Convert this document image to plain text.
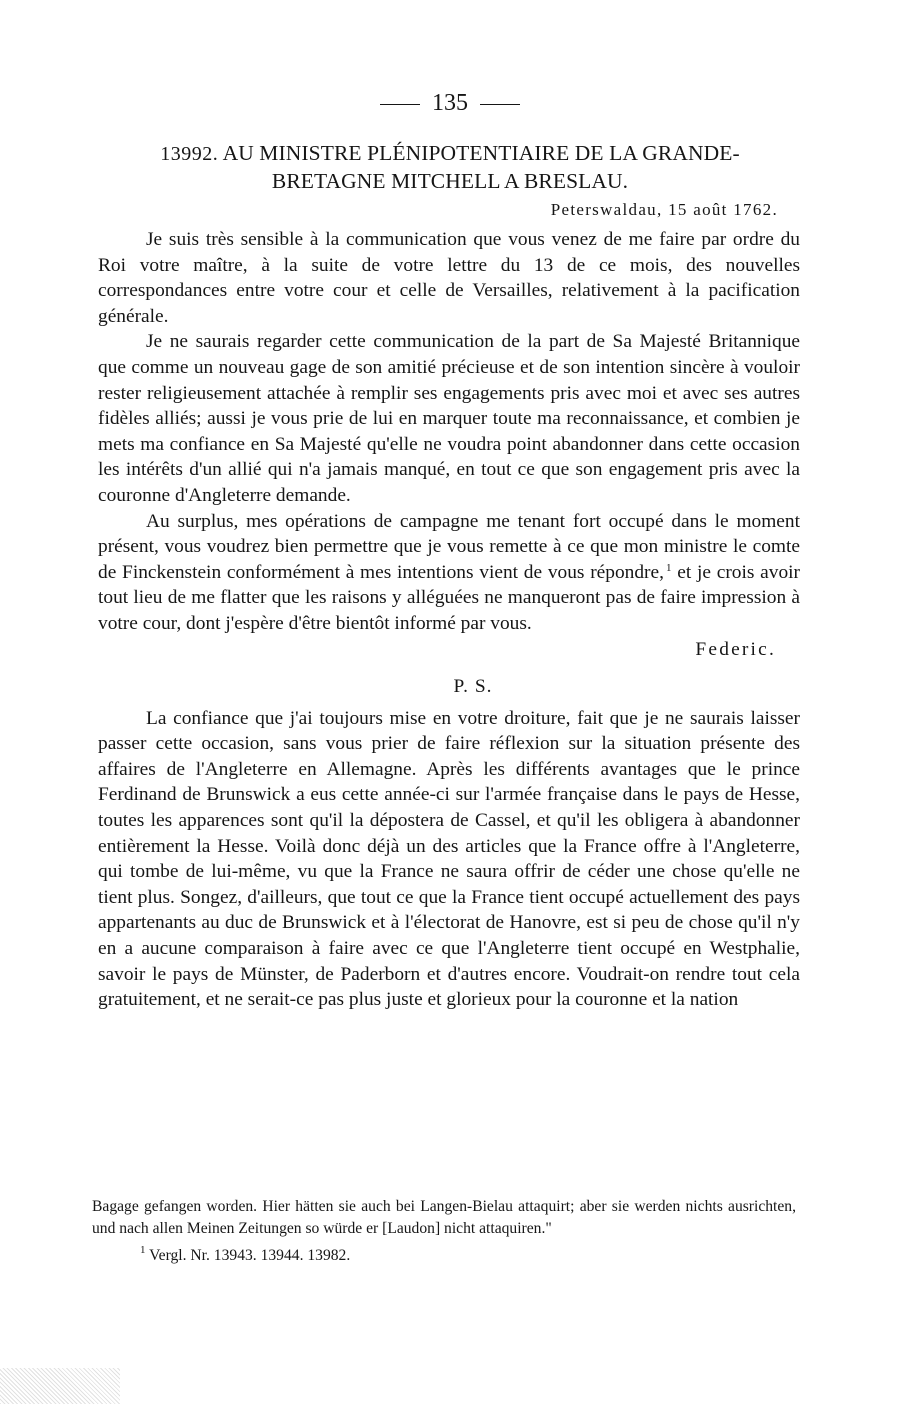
135
13992. AU MINISTRE PLÉNIPOTENTIAIRE DE LA GRANDE-
BRETAGNE MITCHELL A BRESLAU.
Peterswaldau, 15 août 1762.

Je suis très sensible à la communication que vous venez de me faire par ordre du Roi votre maître, à la suite de votre lettre du 13 de ce mois, des nouvelles correspondances entre votre cour et celle de Versailles, relativement à la pacification générale.

Je ne saurais regarder cette communication de la part de Sa Majesté Britannique que comme un nouveau gage de son amitié précieuse et de son intention sincère à vouloir rester religieusement attachée à remplir ses engagements pris avec moi et avec ses autres fidèles alliés; aussi je vous prie de lui en marquer toute ma reconnaissance, et combien je mets ma confiance en Sa Majesté qu'elle ne voudra point abandonner dans cette occasion les intérêts d'un allié qui n'a jamais manqué, en tout ce que son engagement pris avec la couronne d'Angleterre demande.

Au surplus, mes opérations de campagne me tenant fort occupé dans le moment présent, vous voudrez bien permettre que je vous remette à ce que mon ministre le comte de Finckenstein conformément à mes intentions vient de vous répondre, $^1$ et je crois avoir tout lieu de me flatter que les raisons y alléguées ne manqueront pas de faire impression à votre cour, dont j'espère d'être bientôt informé par vous.

Federic.

P. S.

La confiance que j'ai toujours mise en votre droiture, fait que je ne saurais laisser passer cette occasion, sans vous prier de faire réflexion sur la situation présente des affaires de l'Angleterre en Allemagne. Après les différents avantages que le prince Ferdinand de Brunswick a eus cette année-ci sur l'armée française dans le pays de Hesse, toutes les apparences sont qu'il la dépostera de Cassel, et qu'il les obligera à abandonner entièrement la Hesse. Voilà donc déjà un des articles que la France offre à l'Angleterre, qui tombe de lui-même, vu que la France ne saura offrir de céder une chose qu'elle ne tient plus. Songez, d'ailleurs, que tout ce que la France tient occupé actuellement des pays appartenants au duc de Brunswick et à l'électorat de Hanovre, est si peu de chose qu'il n'y en a aucune comparaison à faire avec ce que l'Angleterre tient occupé en Westphalie, savoir le pays de Münster, de Paderborn et d'autres encore. Voudrait-on rendre tout cela gratuitement, et ne serait-ce pas plus juste et glorieux pour la couronne et la nation

Bagage gefangen worden. Hier hätten sie auch bei Langen-Bielau attaquirt; aber sie werden nichts ausrichten, und nach allen Meinen Zeitungen so würde er [Laudon] nicht attaquiren."

$^1$ Vergl. Nr. 13943. 13944. 13982.
